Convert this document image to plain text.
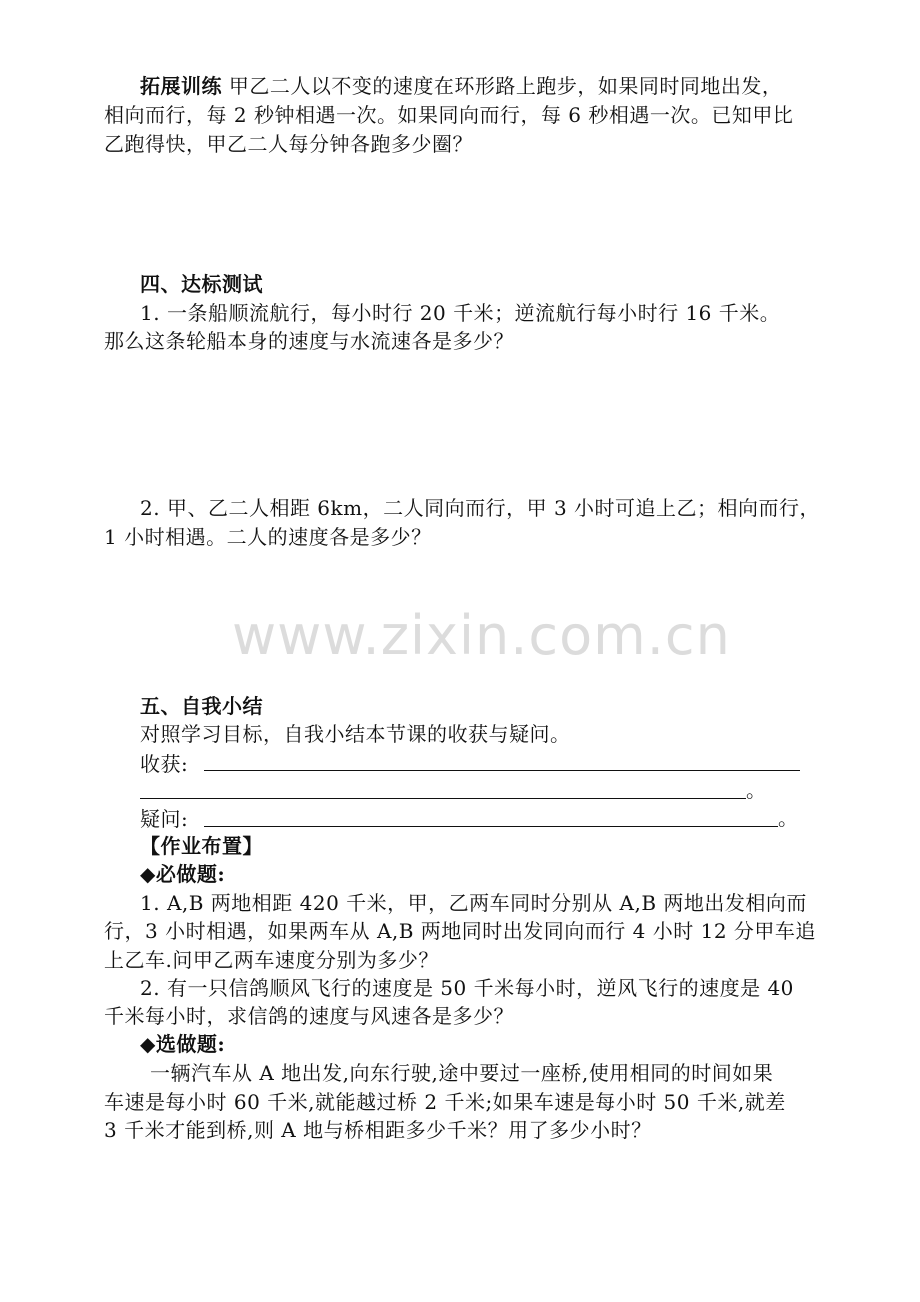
www.zixin.com.cn
拓展训练 甲乙二人以不变的速度在环形路上跑步，如果同时同地出发，
相向而行，每 2 秒钟相遇一次。如果同向而行，每 6 秒相遇一次。已知甲比
乙跑得快，甲乙二人每分钟各跑多少圈？
四、达标测试
1. 一条船顺流航行，每小时行 20 千米；逆流航行每小时行 16 千米。
那么这条轮船本身的速度与水流速各是多少？
2. 甲、乙二人相距 6km，二人同向而行，甲 3 小时可追上乙；相向而行，
1 小时相遇。二人的速度各是多少？
五、自我小结
对照学习目标，自我小结本节课的收获与疑问。
收获:
。
疑问:	。
【作业布置】
◆必做题:
1. A,B 两地相距 420 千米，甲，乙两车同时分别从 A,B 两地出发相向而
行，3 小时相遇，如果两车从 A,B 两地同时出发同向而行 4 小时 12 分甲车追
上乙车.问甲乙两车速度分别为多少？
2. 有一只信鸽顺风飞行的速度是 50 千米每小时，逆风飞行的速度是 40
千米每小时，求信鸽的速度与风速各是多少？
◆选做题:
一辆汽车从 A 地出发,向东行驶,途中要过一座桥,使用相同的时间如果
车速是每小时 60 千米,就能越过桥 2 千米;如果车速是每小时 50 千米,就差
3 千米才能到桥,则 A 地与桥相距多少千米？用了多少小时？
